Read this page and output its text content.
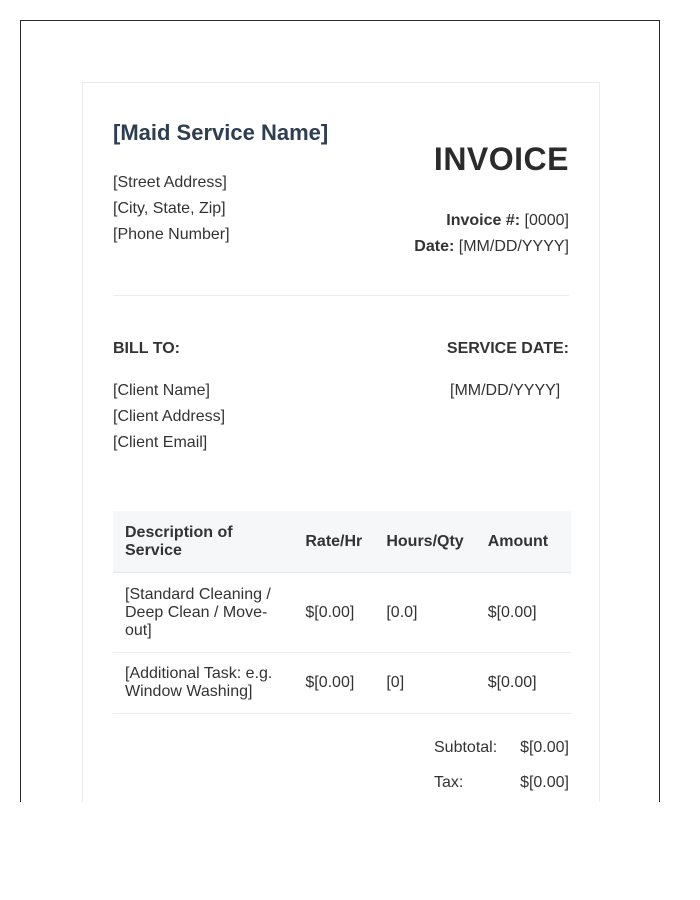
[Maid Service Name]
[Street Address]
[City, State, Zip]
[Phone Number]
INVOICE
Invoice #: [0000]
Date: [MM/DD/YYYY]
BILL TO:
[Client Name]
[Client Address]
[Client Email]
SERVICE DATE:
[MM/DD/YYYY]
Description of Service	Rate/Hr	Hours/Qty	Amount
[Standard Cleaning / Deep Clean / Move-out]	$[0.00]	[0.0]	$[0.00]
[Additional Task: e.g. Window Washing]	$[0.00]	[0]	$[0.00]
Subtotal: $[0.00]
Tax:	$[0.00]
